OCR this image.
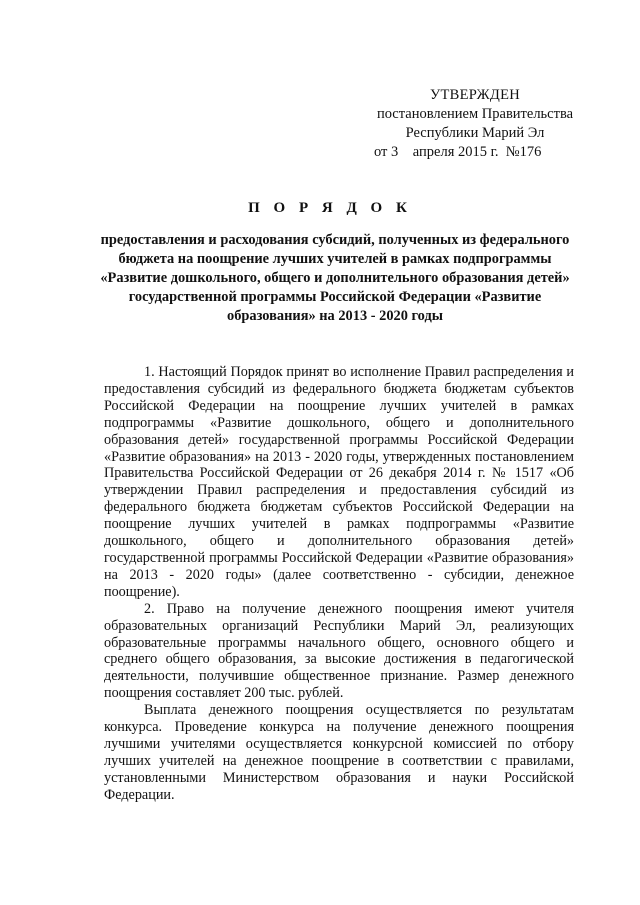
УТВЕРЖДЕН
постановлением Правительства
Республики Марий Эл
от 3    апреля 2015 г.  №176
П О Р Я Д О К
предоставления и расходования субсидий, полученных из федерального бюджета на поощрение лучших учителей в рамках подпрограммы «Развитие дошкольного, общего и дополнительного образования детей» государственной программы Российской Федерации «Развитие образования» на 2013 - 2020 годы

1. Настоящий Порядок принят во исполнение Правил распределения и предоставления субсидий из федерального бюджета бюджетам субъектов Российской Федерации на поощрение лучших учителей в рамках подпрограммы «Развитие дошкольного, общего и дополнительного образования детей» государственной программы Российской Федерации «Развитие образования» на 2013 - 2020 годы, утвержденных постановлением Правительства Российской Федерации от 26 декабря 2014 г. № 1517 «Об утверждении Правил распределения и предоставления субсидий из федерального бюджета бюджетам субъектов Российской Федерации на поощрение лучших учителей в рамках подпрограммы «Развитие дошкольного, общего и дополнительного образования детей» государственной программы Российской Федерации «Развитие образования» на 2013 - 2020 годы» (далее соответственно - субсидии, денежное поощрение).

2. Право на получение денежного поощрения имеют учителя образовательных организаций Республики Марий Эл, реализующих образовательные программы начального общего, основного общего и среднего общего образования, за высокие достижения в педагогической деятельности, получившие общественное признание. Размер денежного поощрения составляет 200 тыс. рублей.

Выплата денежного поощрения осуществляется по результатам конкурса. Проведение конкурса на получение денежного поощрения лучшими учителями осуществляется конкурсной комиссией по отбору лучших учителей на денежное поощрение в соответствии с правилами, установленными Министерством образования и науки Российской Федерации.
